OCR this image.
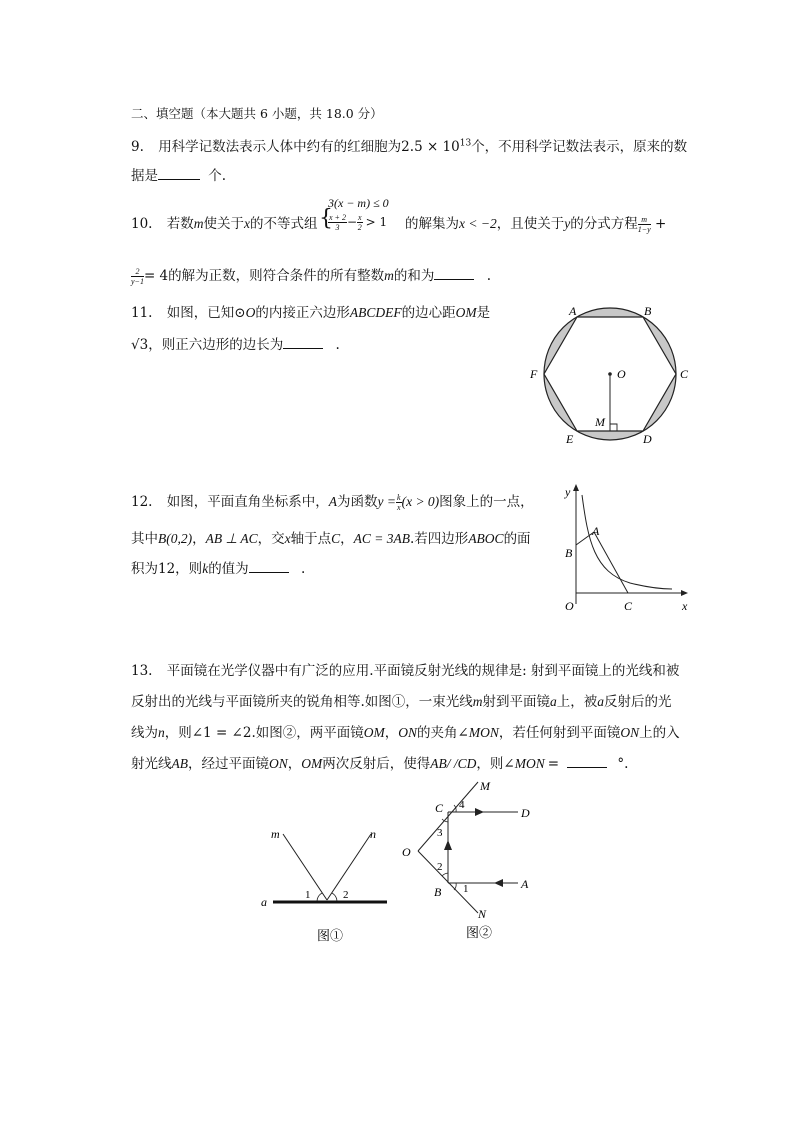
二、填空题（本大题共 6 小题，共 18.0 分）
9. 用科学记数法表示人体中约有的红细胞为$2.5 \times 10^{13}$个，不用科学记数法表示，原来的数
据是	个.
10. 若数m使关于x的不等式组 {
3(x − m) ≤ 0
$\frac{x + 2}{3} - \frac{x}{2} > 1$ 的解集为x < −2，且使关于y的分式方程 $\frac{m}{1-y}$ +
$\frac{2}{y-1} = 4$的解为正数，则符合条件的所有整数m的和为	.
11. 如图，已知⊙O的内接正六边形ABCDEF的边心距OM是
√3，则正六边形的边长为	.
A	B
C
D
E
F	O
M
12. 如图，平面直角坐标系中，A为函数$y = \frac{k}{x} (x > 0)$图象上的一点，
其中B(0,2)，AB ⊥ AC，交x轴于点C，AC = 3AB.若四边形ABOC的面
积为12，则k的值为	.
y
x
O
A
B
C
13. 平面镜在光学仪器中有广泛的应用.平面镜反射光线的规律是: 射到平面镜上的光线和被
反射出的光线与平面镜所夹的锐角相等.如图①，一束光线m射到平面镜a上，被a反射后的光
线为n，则∠1 = ∠2.如图②，两平面镜OM，ON的夹角∠MON，若任何射到平面镜ON上的入
射光线AB，经过平面镜ON，OM两次反射后，使得AB/ /CD，则∠MON =	°.
m	n
a	1	2
图①
M
C	D
O
B
A
N
1
2
3
4
图②
